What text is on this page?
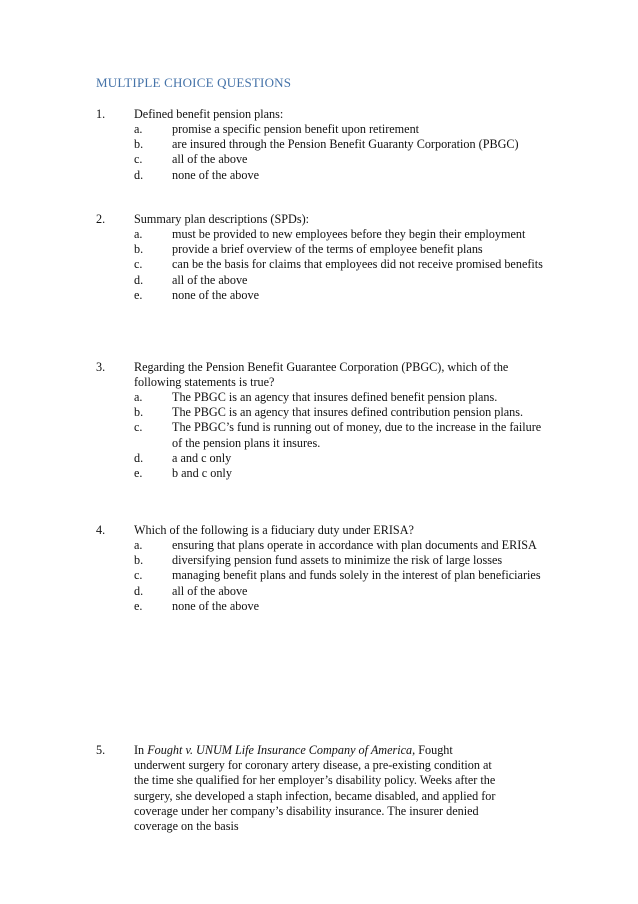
MULTIPLE CHOICE QUESTIONS
1. Defined benefit pension plans:
a. promise a specific pension benefit upon retirement
b. are insured through the Pension Benefit Guaranty Corporation (PBGC)
c. all of the above
d. none of the above
2. Summary plan descriptions (SPDs):
a. must be provided to new employees before they begin their employment
b. provide a brief overview of the terms of employee benefit plans
c. can be the basis for claims that employees did not receive promised benefits
d. all of the above
e. none of the above
3. Regarding the Pension Benefit Guarantee Corporation (PBGC), which of the following statements is true?
a. The PBGC is an agency that insures defined benefit pension plans.
b. The PBGC is an agency that insures defined contribution pension plans.
c. The PBGC’s fund is running out of money, due to the increase in the failure of the pension plans it insures.
d. a and c only
e. b and c only
4. Which of the following is a fiduciary duty under ERISA?
a. ensuring that plans operate in accordance with plan documents and ERISA
b. diversifying pension fund assets to minimize the risk of large losses
c. managing benefit plans and funds solely in the interest of plan beneficiaries
d. all of the above
e. none of the above
5. In Fought v. UNUM Life Insurance Company of America, Fought underwent surgery for coronary artery disease, a pre-existing condition at the time she qualified for her employer’s disability policy. Weeks after the surgery, she developed a staph infection, became disabled, and applied for coverage under her company’s disability insurance. The insurer denied coverage on the basis
